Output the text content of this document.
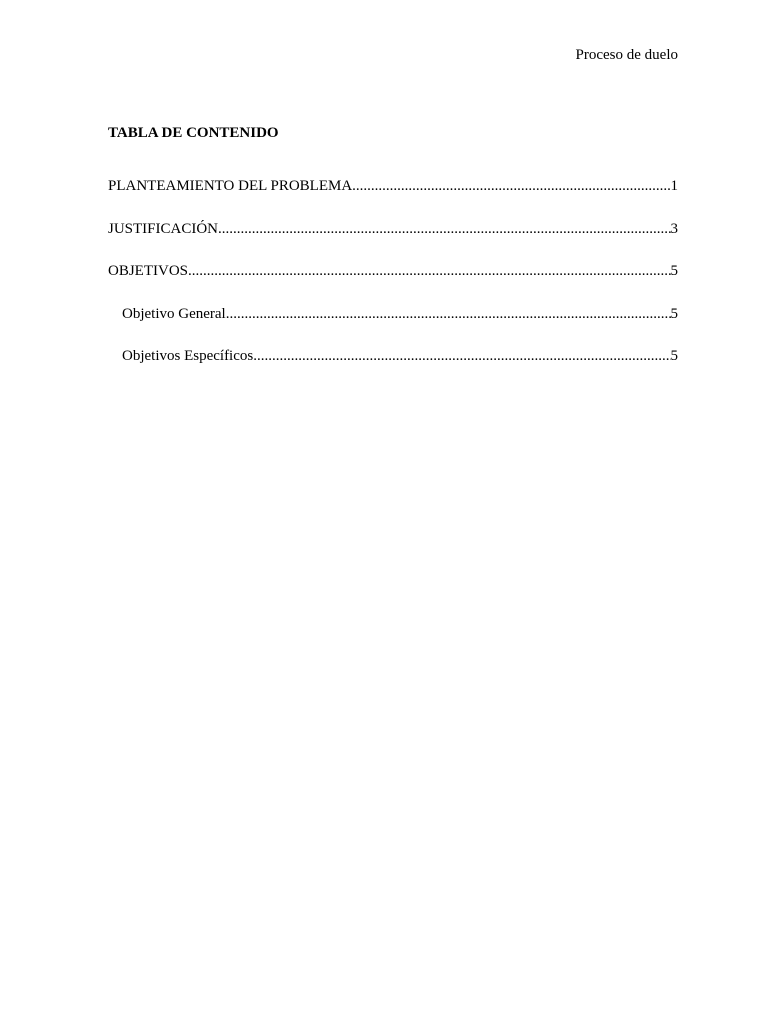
Proceso de duelo
TABLA DE CONTENIDO
PLANTEAMIENTO DEL PROBLEMA .....	1
JUSTIFICACIÓN .....	3
OBJETIVOS .....	5
Objetivo General .....	5
Objetivos Específicos .....	5
